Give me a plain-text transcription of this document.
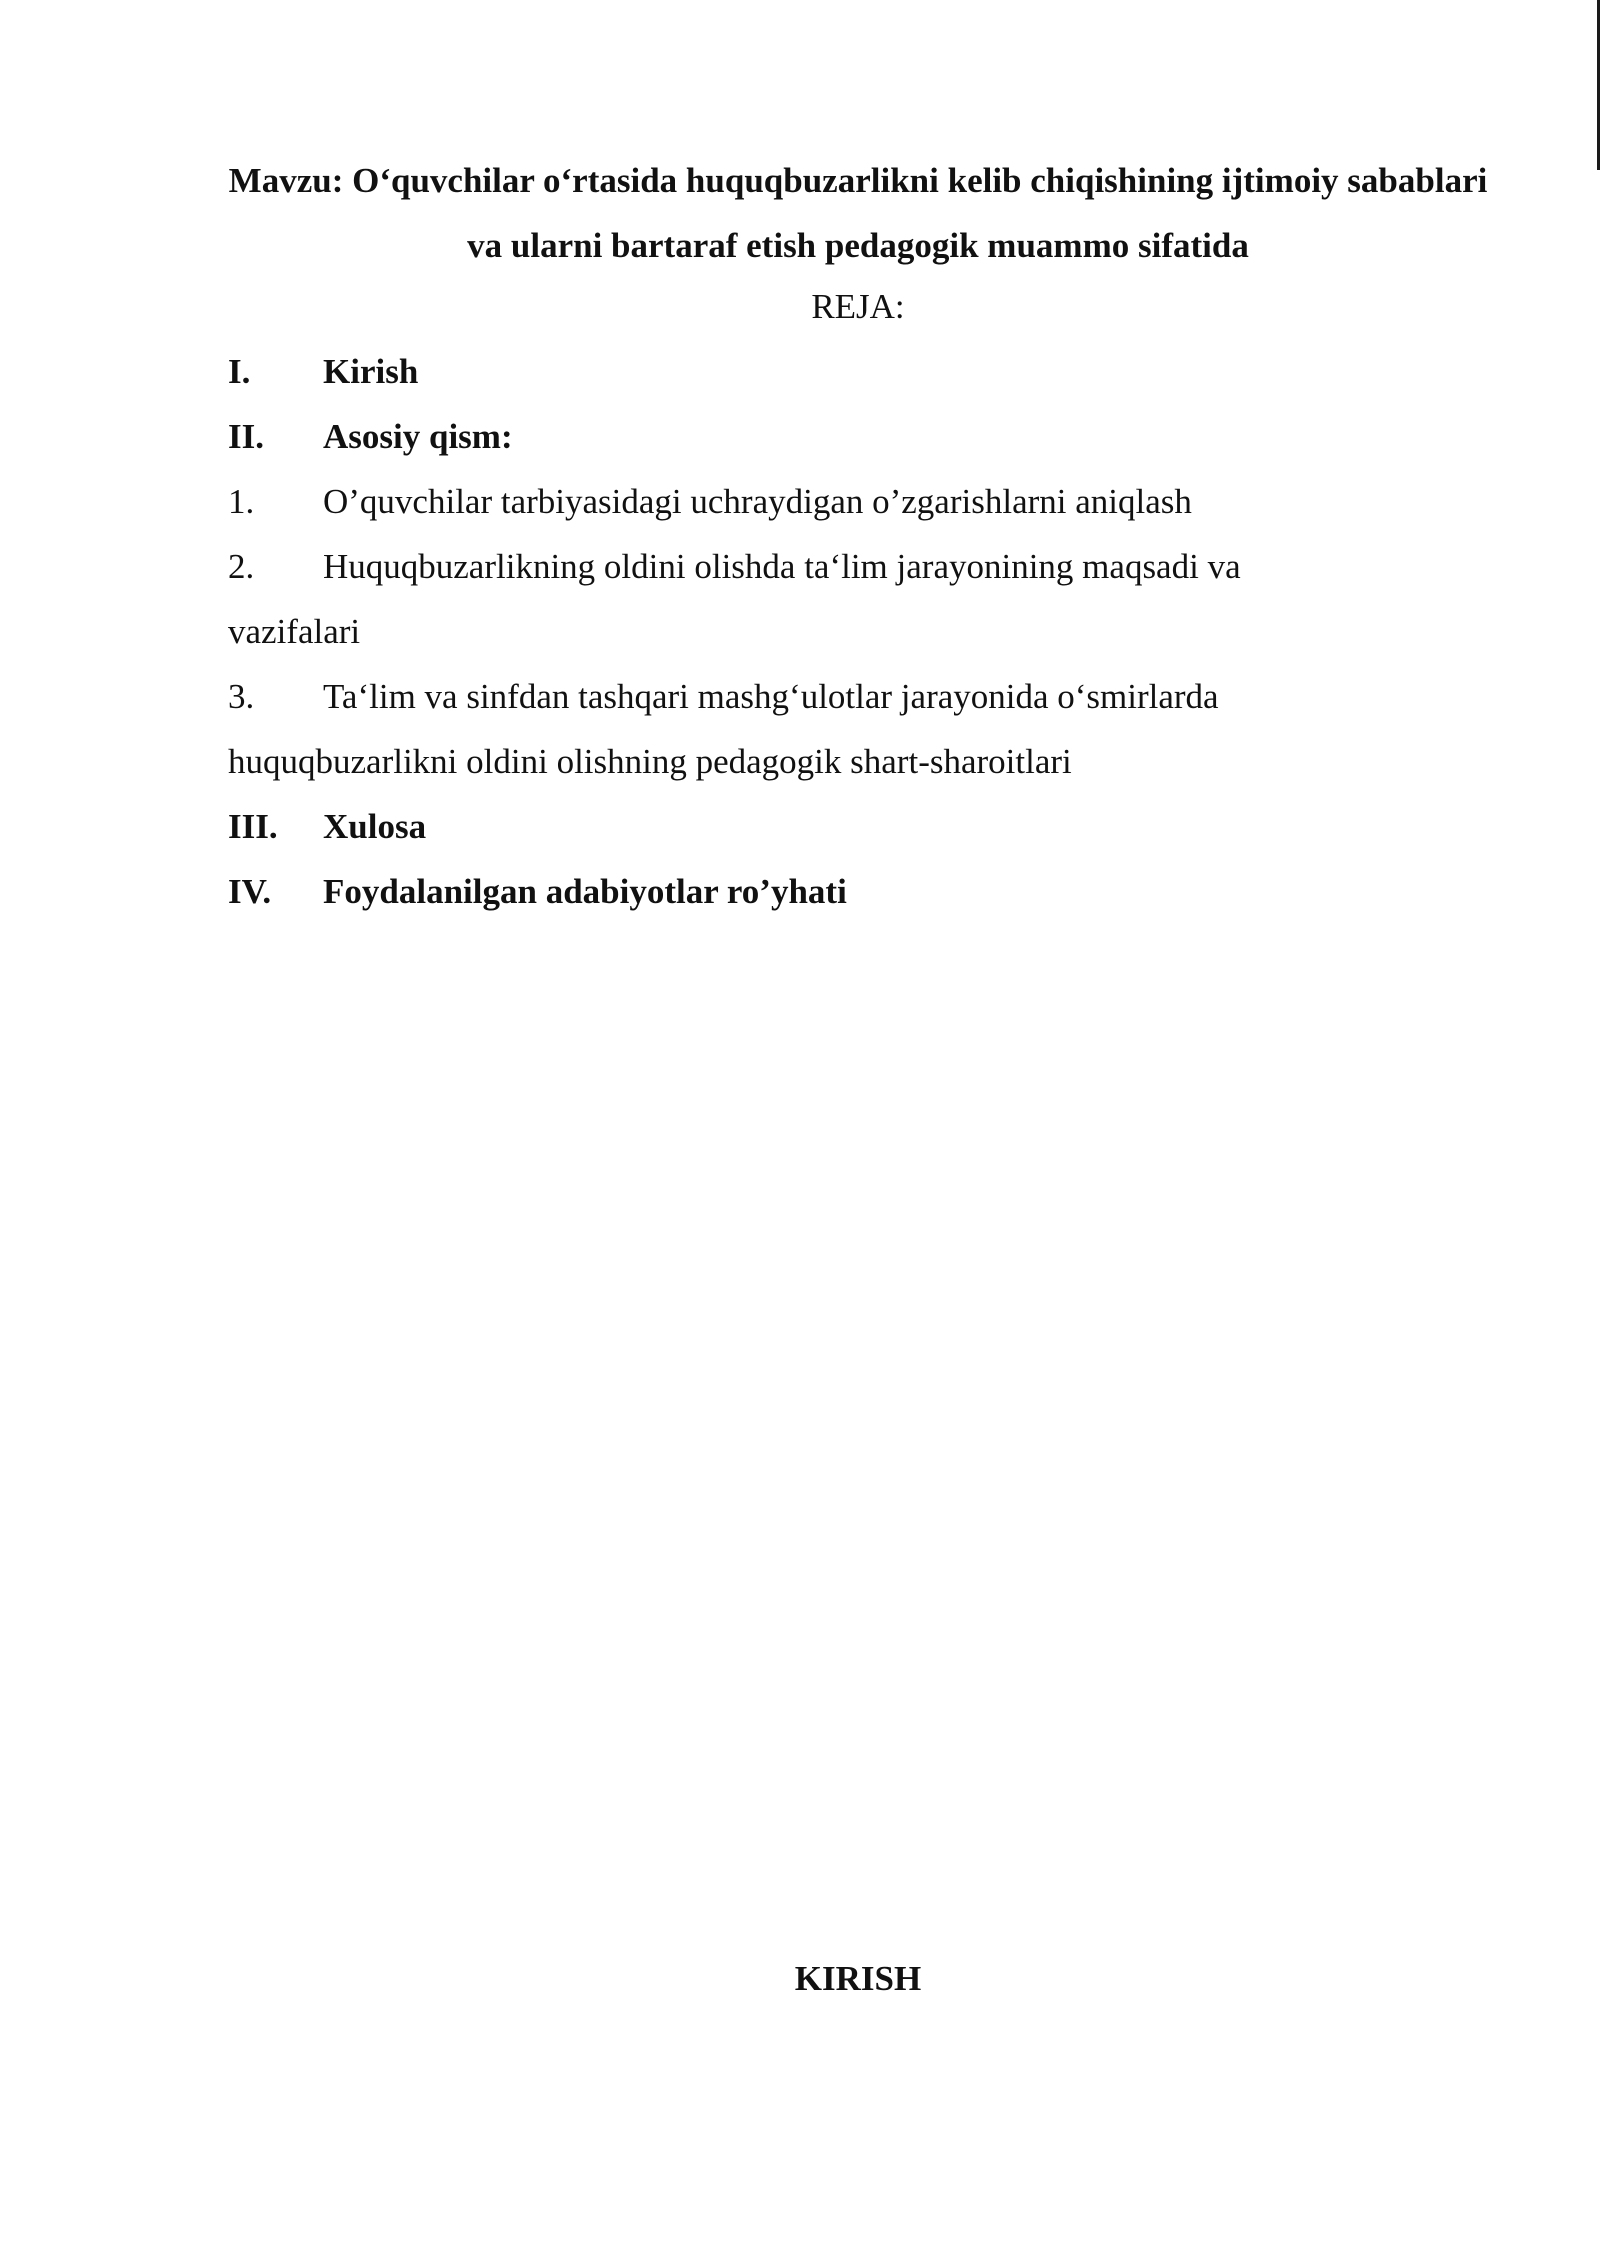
Mavzu: O‘quvchilar o‘rtasida huquqbuzarlikni kelib chiqishining ijtimoiy sabablari va ularni bartaraf etish pedagogik muammo sifatida
REJA:
I. Kirish
II. Asosiy qism:
1. O’quvchilar tarbiyasidagi uchraydigan o’zgarishlarni aniqlash
2. Huquqbuzarlikning oldini olishda ta‘lim jarayonining maqsadi va vazifalari
3. Ta‘lim va sinfdan tashqari mashg‘ulotlar jarayonida o‘smirlarda huquqbuzarlikni oldini olishning pedagogik shart-sharoitlari
III. Xulosa
IV. Foydalanilgan adabiyotlar ro’yhati
KIRISH
